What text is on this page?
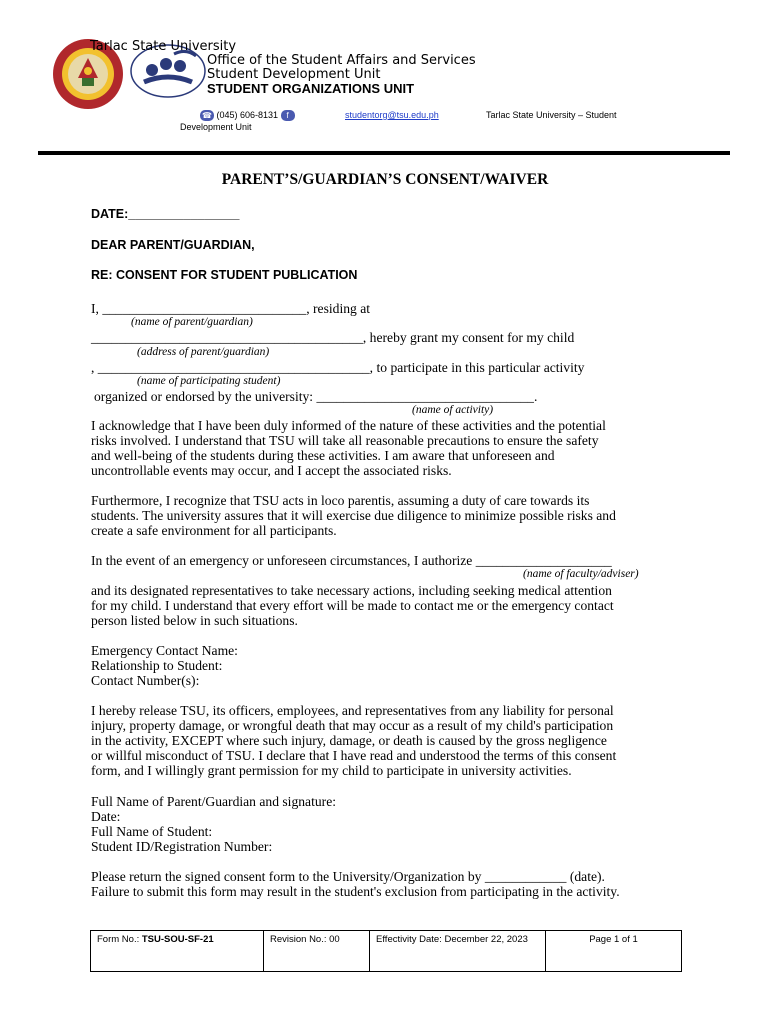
Tarlac State University
Office of the Student Affairs and Services
Student Development Unit
STUDENT ORGANIZATIONS UNIT
☎ (045) 606-8131 f	studentorg@tsu.edu.ph	Tarlac State University – Student
Development Unit
PARENT’S/GUARDIAN’S CONSENT/WAIVER
DATE:________________
DEAR PARENT/GUARDIAN,
RE: CONSENT FOR STUDENT PUBLICATION
I, ______________________________, residing at
(name of parent/guardian)
________________________________________, hereby grant my consent for my child
(address of parent/guardian)
, ________________________________________, to participate in this particular activity
(name of participating student)
organized or endorsed by the university: ________________________________.
(name of activity)
I acknowledge that I have been duly informed of the nature of these activities and the potential
risks involved. I understand that TSU will take all reasonable precautions to ensure the safety
and well-being of the students during these activities. I am aware that unforeseen and
uncontrollable events may occur, and I accept the associated risks.
Furthermore, I recognize that TSU acts in loco parentis, assuming a duty of care towards its
students. The university assures that it will exercise due diligence to minimize possible risks and
create a safe environment for all participants.
In the event of an emergency or unforeseen circumstances, I authorize ____________________
(name of faculty/adviser)
and its designated representatives to take necessary actions, including seeking medical attention
for my child. I understand that every effort will be made to contact me or the emergency contact
person listed below in such situations.
Emergency Contact Name:
Relationship to Student:
Contact Number(s):
I hereby release TSU, its officers, employees, and representatives from any liability for personal
injury, property damage, or wrongful death that may occur as a result of my child's participation
in the activity, EXCEPT where such injury, damage, or death is caused by the gross negligence
or willful misconduct of TSU. I declare that I have read and understood the terms of this consent
form, and I willingly grant permission for my child to participate in university activities.
Full Name of Parent/Guardian and signature:
Date:
Full Name of Student:
Student ID/Registration Number:
Please return the signed consent form to the University/Organization by ____________ (date).
Failure to submit this form may result in the student's exclusion from participating in the activity.
Form No.: TSU-SOU-SF-21	Revision No.: 00	Effectivity Date: December 22, 2023	Page 1 of 1
